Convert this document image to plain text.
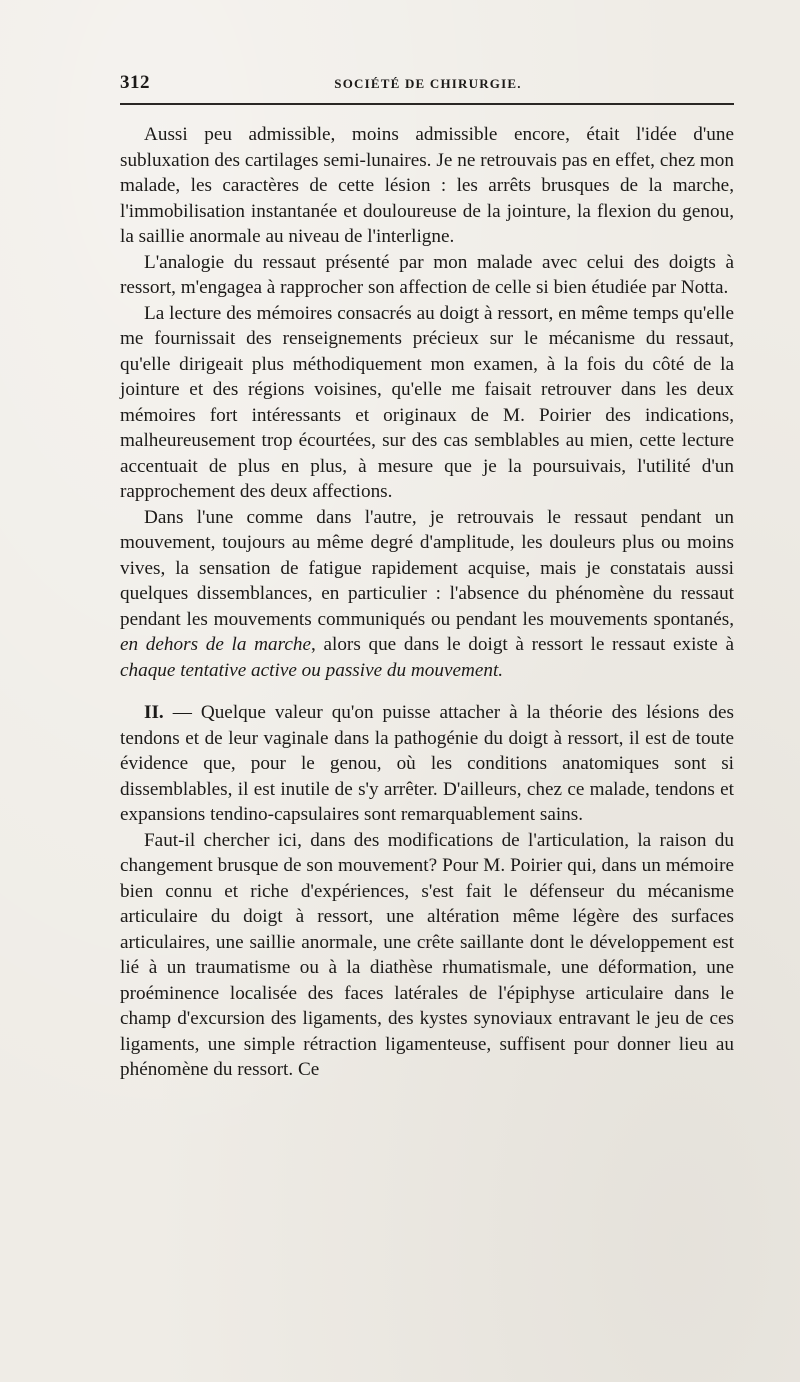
312	SOCIÉTÉ DE CHIRURGIE.

Aussi peu admissible, moins admissible encore, était l'idée d'une subluxation des cartilages semi-lunaires. Je ne retrouvais pas en effet, chez mon malade, les caractères de cette lésion : les arrêts brusques de la marche, l'immobilisation instantanée et douloureuse de la jointure, la flexion du genou, la saillie anormale au niveau de l'interligne.

L'analogie du ressaut présenté par mon malade avec celui des doigts à ressort, m'engagea à rapprocher son affection de celle si bien étudiée par Notta.

La lecture des mémoires consacrés au doigt à ressort, en même temps qu'elle me fournissait des renseignements précieux sur le mécanisme du ressaut, qu'elle dirigeait plus méthodiquement mon examen, à la fois du côté de la jointure et des régions voisines, qu'elle me faisait retrouver dans les deux mémoires fort intéressants et originaux de M. Poirier des indications, malheureusement trop écourtées, sur des cas semblables au mien, cette lecture accentuait de plus en plus, à mesure que je la poursuivais, l'utilité d'un rapprochement des deux affections.

Dans l'une comme dans l'autre, je retrouvais le ressaut pendant un mouvement, toujours au même degré d'amplitude, les douleurs plus ou moins vives, la sensation de fatigue rapidement acquise, mais je constatais aussi quelques dissemblances, en particulier : l'absence du phénomène du ressaut pendant les mouvements communiqués ou pendant les mouvements spontanés, en dehors de la marche, alors que dans le doigt à ressort le ressaut existe à chaque tentative active ou passive du mouvement.

II. — Quelque valeur qu'on puisse attacher à la théorie des lésions des tendons et de leur vaginale dans la pathogénie du doigt à ressort, il est de toute évidence que, pour le genou, où les conditions anatomiques sont si dissemblables, il est inutile de s'y arrêter. D'ailleurs, chez ce malade, tendons et expansions tendino-capsulaires sont remarquablement sains.

Faut-il chercher ici, dans des modifications de l'articulation, la raison du changement brusque de son mouvement? Pour M. Poirier qui, dans un mémoire bien connu et riche d'expériences, s'est fait le défenseur du mécanisme articulaire du doigt à ressort, une altération même légère des surfaces articulaires, une saillie anormale, une crête saillante dont le développement est lié à un traumatisme ou à la diathèse rhumatismale, une déformation, une proéminence localisée des faces latérales de l'épiphyse articulaire dans le champ d'excursion des ligaments, des kystes synoviaux entravant le jeu de ces ligaments, une simple rétraction ligamenteuse, suffisent pour donner lieu au phénomène du ressort. Ce
